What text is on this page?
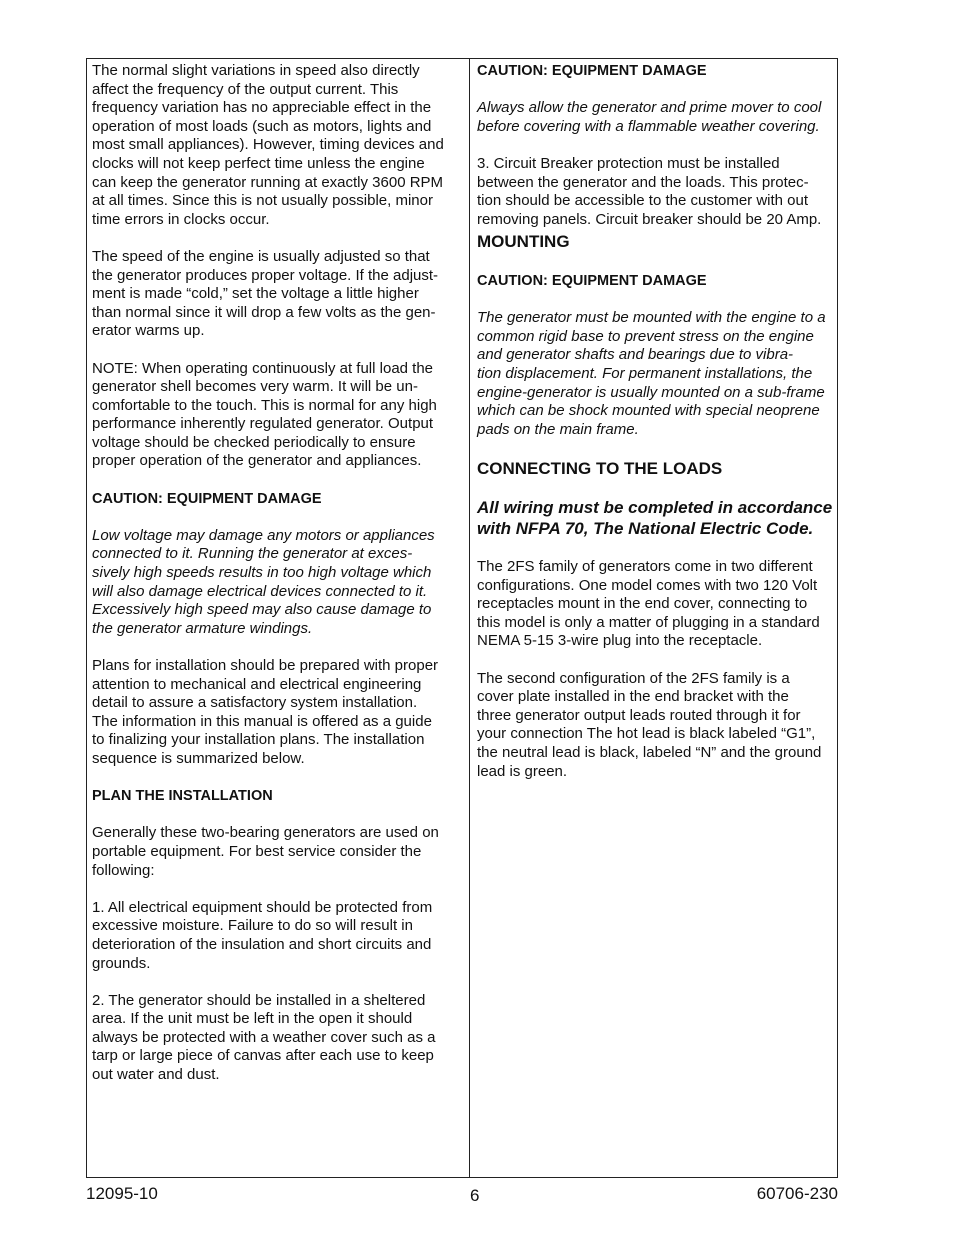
The normal slight variations in speed also directly
affect the frequency of the output current. This
frequency variation has no appreciable effect in the
operation of most loads (such as motors, lights and
most small appliances). However, timing devices and
clocks will not keep perfect time unless the engine
can keep the generator running at exactly 3600 RPM
at all times. Since this is not usually possible, minor
time errors in clocks occur.

The speed of the engine is usually adjusted so that
the generator produces proper voltage. If the adjust-
ment is made “cold,” set the voltage a little higher
than normal since it will drop a few volts as the gen-
erator warms up.

NOTE: When operating continuously at full load the
generator shell becomes very warm. It will be un-
comfortable to the touch. This is normal for any high
performance inherently regulated generator. Output
voltage should be checked periodically to ensure
proper operation of the generator and appliances.

CAUTION: EQUIPMENT DAMAGE

Low voltage may damage any motors or appliances
connected to it. Running the generator at exces-
sively high speeds results in too high voltage which
will also damage electrical devices connected to it.
Excessively high speed may also cause damage to
the generator armature windings.

Plans for installation should be prepared with proper
attention to mechanical and electrical engineering
detail to assure a satisfactory system installation.
The information in this manual is offered as a guide
to finalizing your installation plans. The installation
sequence is summarized below.

PLAN THE INSTALLATION

Generally these two-bearing generators are used on
portable equipment. For best service consider the
following:

1. All electrical equipment should be protected from
excessive moisture. Failure to do so will result in
deterioration of the insulation and short circuits and
grounds.

2. The generator should be installed in a sheltered
area. If the unit must be left in the open it should
always be protected with a weather cover such as a
tarp or large piece of canvas after each use to keep
out water and dust.

CAUTION: EQUIPMENT DAMAGE

Always allow the generator and prime mover to cool
before covering with a flammable weather covering.

3. Circuit Breaker protection must be installed
between the generator and the loads. This protec-
tion should be accessible to the customer with out
removing panels. Circuit breaker should be 20 Amp.

MOUNTING

CAUTION: EQUIPMENT DAMAGE

The generator must be mounted with the engine to a
common rigid base to prevent stress on the engine
and generator shafts and bearings due to vibra-
tion displacement. For permanent installations, the
engine-generator is usually mounted on a sub-frame
which can be shock mounted with special neoprene
pads on the main frame.

CONNECTING TO THE LOADS

All wiring must be completed in accordance
with NFPA 70, The National Electric Code.

The 2FS family of generators come in two different
configurations. One model comes with two 120 Volt
receptacles mount in the end cover, connecting to
this model is only a matter of plugging in a standard
NEMA 5-15 3-wire plug into the receptacle.

The second configuration of the 2FS family is a
cover plate installed in the end bracket with the
three generator output leads routed through it for
your connection The hot lead is black labeled “G1”,
the neutral lead is black, labeled “N” and the ground
lead is green.

12095-10	6	60706-230
